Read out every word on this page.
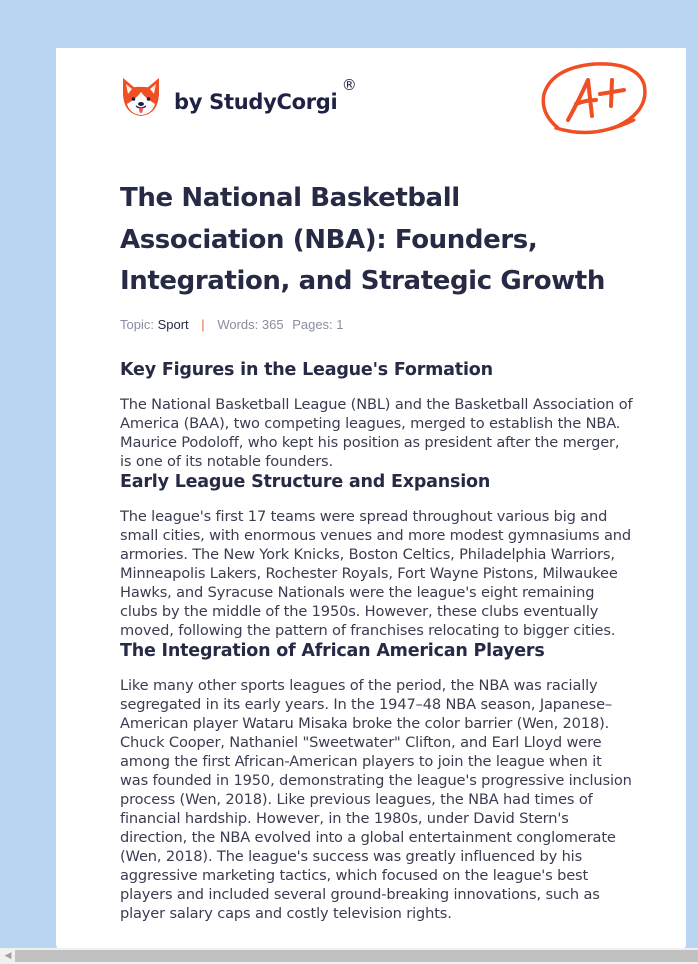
by StudyCorgi
®
The National Basketball
Association (NBA): Founders,
Integration, and Strategic Growth
Topic: Sport | Words: 365 Pages: 1
Key Figures in the League's Formation

The National Basketball League (NBL) and the Basketball Association of America (BAA), two competing leagues, merged to establish the NBA. Maurice Podoloff, who kept his position as president after the merger, is one of its notable founders.

Early League Structure and Expansion

The league's first 17 teams were spread throughout various big and small cities, with enormous venues and more modest gymnasiums and armories. The New York Knicks, Boston Celtics, Philadelphia Warriors, Minneapolis Lakers, Rochester Royals, Fort Wayne Pistons, Milwaukee Hawks, and Syracuse Nationals were the league's eight remaining clubs by the middle of the 1950s. However, these clubs eventually moved, following the pattern of franchises relocating to bigger cities.

The Integration of African American Players

Like many other sports leagues of the period, the NBA was racially segregated in its early years. In the 1947–48 NBA season, Japanese–American player Wataru Misaka broke the color barrier (Wen, 2018). Chuck Cooper, Nathaniel "Sweetwater" Clifton, and Earl Lloyd were among the first African-American players to join the league when it was founded in 1950, demonstrating the league's progressive inclusion process (Wen, 2018). Like previous leagues, the NBA had times of financial hardship. However, in the 1980s, under David Stern's direction, the NBA evolved into a global entertainment conglomerate (Wen, 2018). The league's success was greatly influenced by his aggressive marketing tactics, which focused on the league's best players and included several ground-breaking innovations, such as player salary caps and costly television rights.

◀
